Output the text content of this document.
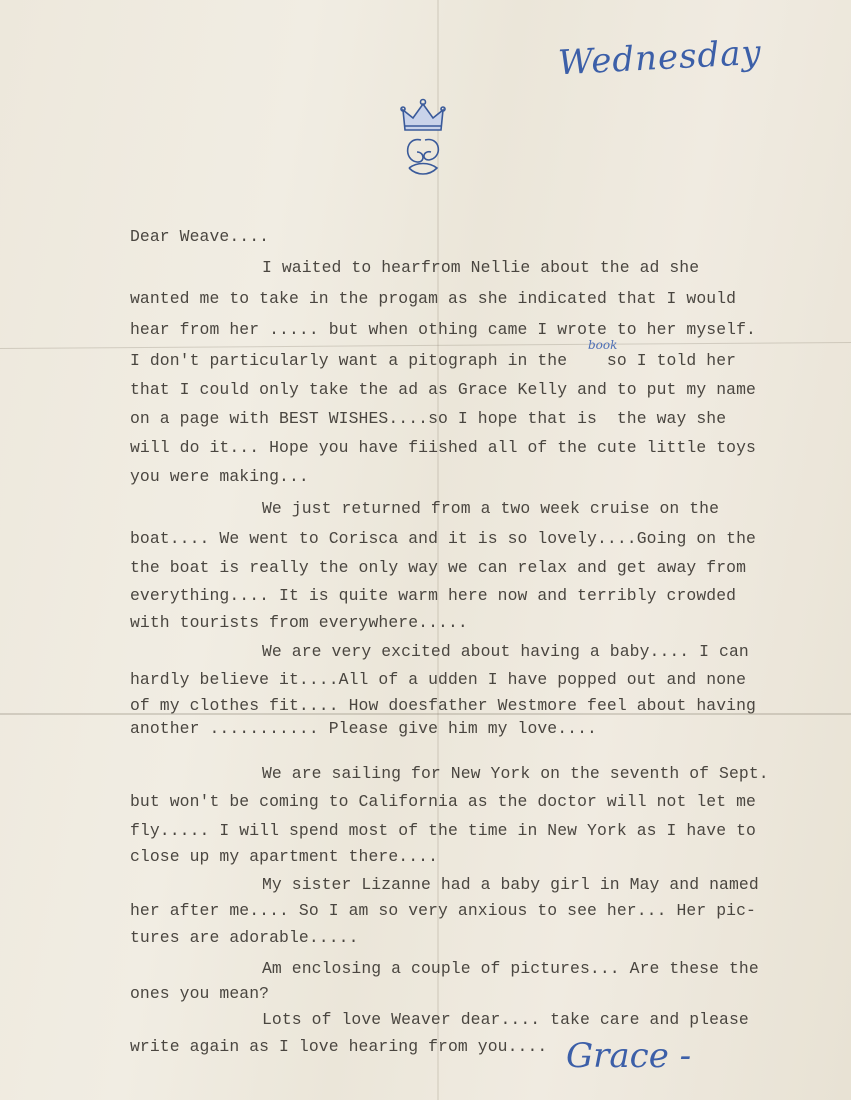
Wednesday
Dear Weave....
I waited to hearfrom Nellie about the ad she
wanted me to take in the progam as she indicated that I would
hear from her ..... but when othing came I wrote to her myself.
I don't particularly want a pitograph in the    so I told her
that I could only take the ad as Grace Kelly and to put my name
on a page with BEST WISHES....so I hope that is  the way she
will do it... Hope you have fiished all of the cute little toys
you were making...
We just returned from a two week cruise on the
boat.... We went to Corisca and it is so lovely....Going on the
the boat is really the only way we can relax and get away from
everything.... It is quite warm here now and terribly crowded
with tourists from everywhere.....
We are very excited about having a baby.... I can
hardly believe it....All of a udden I have popped out and none
of my clothes fit.... How doesfather Westmore feel about having
another ........... Please give him my love....
We are sailing for New York on the seventh of Sept.
but won't be coming to California as the doctor will not let me
fly..... I will spend most of the time in New York as I have to
close up my apartment there....
My sister Lizanne had a baby girl in May and named
her after me.... So I am so very anxious to see her... Her pic-
tures are adorable.....
Am enclosing a couple of pictures... Are these the
ones you mean?
Lots of love Weaver dear.... take care and please
write again as I love hearing from you....
book
Grace -
